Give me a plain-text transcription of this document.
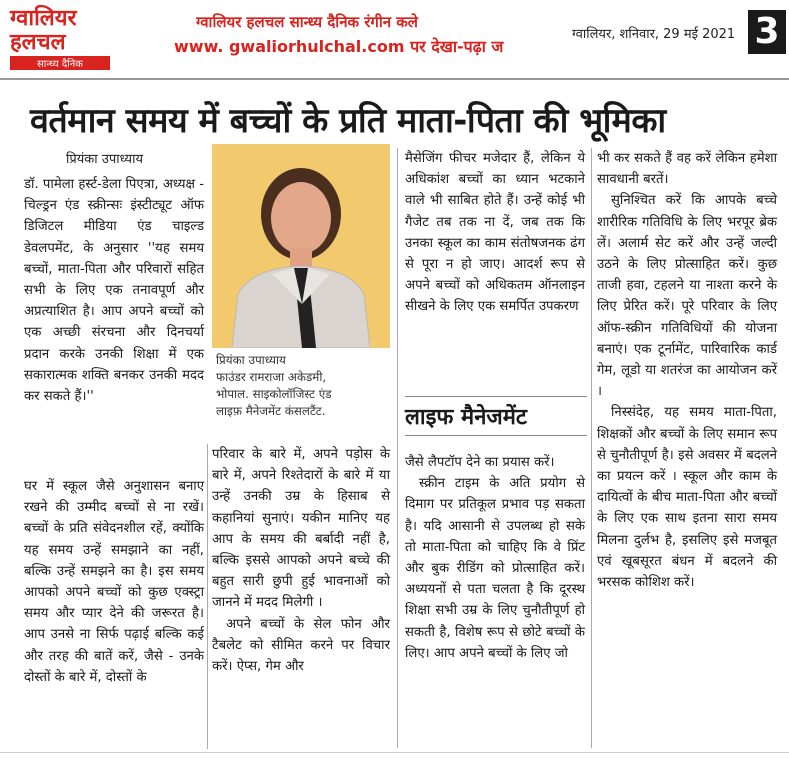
ग्वालियर
हलचल
सान्ध्य दैनिक
ग्वालियर हलचल सान्ध्य दैनिक रंगीन कले
www. gwaliorhulchal.com पर देखा-पढ़ा ज
ग्वालियर, शनिवार, 29 मई 2021 3
वर्तमान समय में बच्चों के प्रति माता-पिता की भूमिका
प्रियंका उपाध्याय

डॉ. पामेला हर्स्ट-डेला पिएत्रा, अध्यक्ष - चिल्ड्रन एंड स्क्रीन्सः इंस्टीट्यूट ऑफ डिजिटल मीडिया एंड चाइल्ड डेवलपमेंट, के अनुसार ''यह समय बच्चों, माता-पिता और परिवारों सहित सभी के लिए एक तनावपूर्ण और अप्रत्याशित है। आप अपने बच्चों को एक अच्छी संरचना और दिनचर्या प्रदान करके उनकी शिक्षा में एक सकारात्मक शक्ति बनकर उनकी मदद कर सकते हैं।''

घर में स्कूल जैसे अनुशासन बनाए रखने की उम्मीद बच्चों से ना रखें। बच्चों के प्रति संवेदनशील रहें, क्योंकि यह समय उन्हें समझाने का नहीं, बल्कि उन्हें समझने का है। इस समय आपको अपने बच्चों को कुछ एक्स्ट्रा समय और प्यार देने की जरूरत है। आप उनसे ना सिर्फ पढ़ाई बल्कि कई और तरह की बातें करें, जैसे - उनके दोस्तों के बारे में, दोस्तों के

प्रियंका उपाध्याय
फाउंडर रामराजा अकेडमी,
भोपाल. साइकोलॉजिस्ट एंड
लाइफ़ मैनेजमेंट कंसलटैंट.

परिवार के बारे में, अपने पड़ोस के बारे में, अपने रिश्तेदारों के बारे में या उन्हें उनकी उम्र के हिसाब से कहानियां सुनाएं। यकीन मानिए यह आप के समय की बर्बादी नहीं है, बल्कि इससे आपको अपने बच्चे की बहुत सारी छुपी हुई भावनाओं को जानने में मदद मिलेगी ।

अपने बच्चों के सेल फोन और टैबलेट को सीमित करने पर विचार करें। ऐप्स, गेम और

मैसेजिंग फीचर मजेदार हैं, लेकिन ये अधिकांश बच्चों का ध्यान भटकाने वाले भी साबित होते हैं। उन्हें कोई भी गैजेट तब तक ना दें, जब तक कि उनका स्कूल का काम संतोषजनक ढंग से पूरा न हो जाए। आदर्श रूप से अपने बच्चों को अधिकतम ऑनलाइन सीखने के लिए एक समर्पित उपकरण

लाइफ मैनेजमेंट

जैसे लैपटॉप देने का प्रयास करें।

स्क्रीन टाइम के अति प्रयोग से दिमाग पर प्रतिकूल प्रभाव पड़ सकता है। यदि आसानी से उपलब्ध हो सके तो माता-पिता को चाहिए कि वे प्रिंट और बुक रीडिंग को प्रोत्साहित करें। अध्ययनों से पता चलता है कि दूरस्थ शिक्षा सभी उम्र के लिए चुनौतीपूर्ण हो सकती है, विशेष रूप से छोटे बच्चों के लिए। आप अपने बच्चों के लिए जो

भी कर सकते हैं वह करें लेकिन हमेशा सावधानी बरतें।

सुनिश्चित करें कि आपके बच्चे शारीरिक गतिविधि के लिए भरपूर ब्रेक लें। अलार्म सेट करें और उन्हें जल्दी उठने के लिए प्रोत्साहित करें। कुछ ताजी हवा, टहलने या नाश्ता करने के लिए प्रेरित करें। पूरे परिवार के लिए ऑफ-स्क्रीन गतिविधियों की योजना बनाएं। एक टूर्नामेंट, पारिवारिक कार्ड गेम, लूडो या शतरंज का आयोजन करें ।

निस्संदेह, यह समय माता-पिता, शिक्षकों और बच्चों के लिए समान रूप से चुनौतीपूर्ण है। इसे अवसर में बदलने का प्रयत्न करें । स्कूल और काम के दायित्वों के बीच माता-पिता और बच्चों के लिए एक साथ इतना सारा समय मिलना दुर्लभ है, इसलिए इसे मजबूत एवं खूबसूरत बंधन में बदलने की भरसक कोशिश करें।
